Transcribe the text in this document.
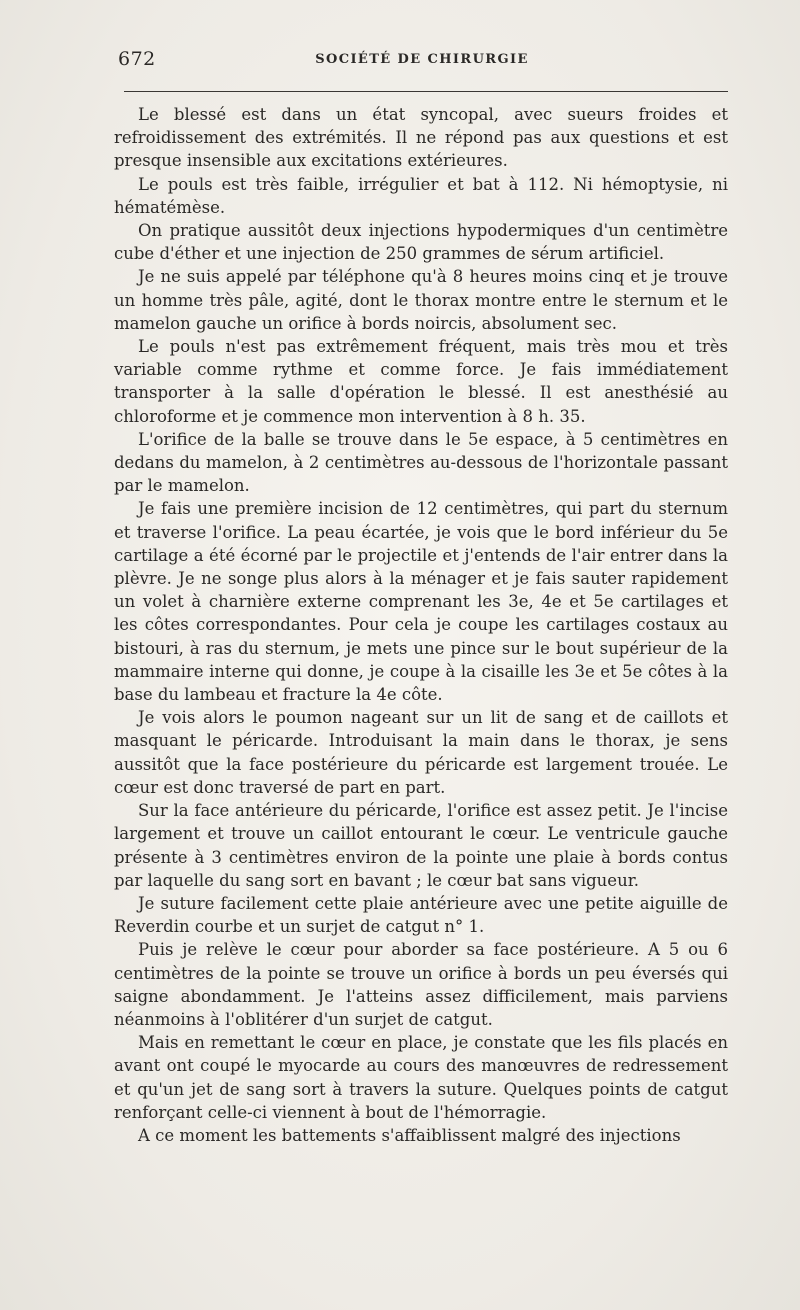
672	SOCIÉTÉ DE CHIRURGIE

Le blessé est dans un état syncopal, avec sueurs froides et refroidissement des extrémités. Il ne répond pas aux questions et est presque insensible aux excitations extérieures.

Le pouls est très faible, irrégulier et bat à 112. Ni hémoptysie, ni hématémèse.

On pratique aussitôt deux injections hypodermiques d'un centimètre cube d'éther et une injection de 250 grammes de sérum artificiel.

Je ne suis appelé par téléphone qu'à 8 heures moins cinq et je trouve un homme très pâle, agité, dont le thorax montre entre le sternum et le mamelon gauche un orifice à bords noircis, absolument sec.

Le pouls n'est pas extrêmement fréquent, mais très mou et très variable comme rythme et comme force. Je fais immédiatement transporter à la salle d'opération le blessé. Il est anesthésié au chloroforme et je commence mon intervention à 8 h. 35.

L'orifice de la balle se trouve dans le 5e espace, à 5 centimètres en dedans du mamelon, à 2 centimètres au-dessous de l'horizontale passant par le mamelon.

Je fais une première incision de 12 centimètres, qui part du sternum et traverse l'orifice. La peau écartée, je vois que le bord inférieur du 5e cartilage a été écorné par le projectile et j'entends de l'air entrer dans la plèvre. Je ne songe plus alors à la ménager et je fais sauter rapidement un volet à charnière externe comprenant les 3e, 4e et 5e cartilages et les côtes correspondantes. Pour cela je coupe les cartilages costaux au bistouri, à ras du sternum, je mets une pince sur le bout supérieur de la mammaire interne qui donne, je coupe à la cisaille les 3e et 5e côtes à la base du lambeau et fracture la 4e côte.

Je vois alors le poumon nageant sur un lit de sang et de caillots et masquant le péricarde. Introduisant la main dans le thorax, je sens aussitôt que la face postérieure du péricarde est largement trouée. Le cœur est donc traversé de part en part.

Sur la face antérieure du péricarde, l'orifice est assez petit. Je l'incise largement et trouve un caillot entourant le cœur. Le ventricule gauche présente à 3 centimètres environ de la pointe une plaie à bords contus par laquelle du sang sort en bavant ; le cœur bat sans vigueur.

Je suture facilement cette plaie antérieure avec une petite aiguille de Reverdin courbe et un surjet de catgut n° 1.

Puis je relève le cœur pour aborder sa face postérieure. A 5 ou 6 centimètres de la pointe se trouve un orifice à bords un peu éversés qui saigne abondamment. Je l'atteins assez difficilement, mais parviens néanmoins à l'oblitérer d'un surjet de catgut.

Mais en remettant le cœur en place, je constate que les fils placés en avant ont coupé le myocarde au cours des manœuvres de redressement et qu'un jet de sang sort à travers la suture. Quelques points de catgut renforçant celle-ci viennent à bout de l'hémorragie.

A ce moment les battements s'affaiblissent malgré des injections
